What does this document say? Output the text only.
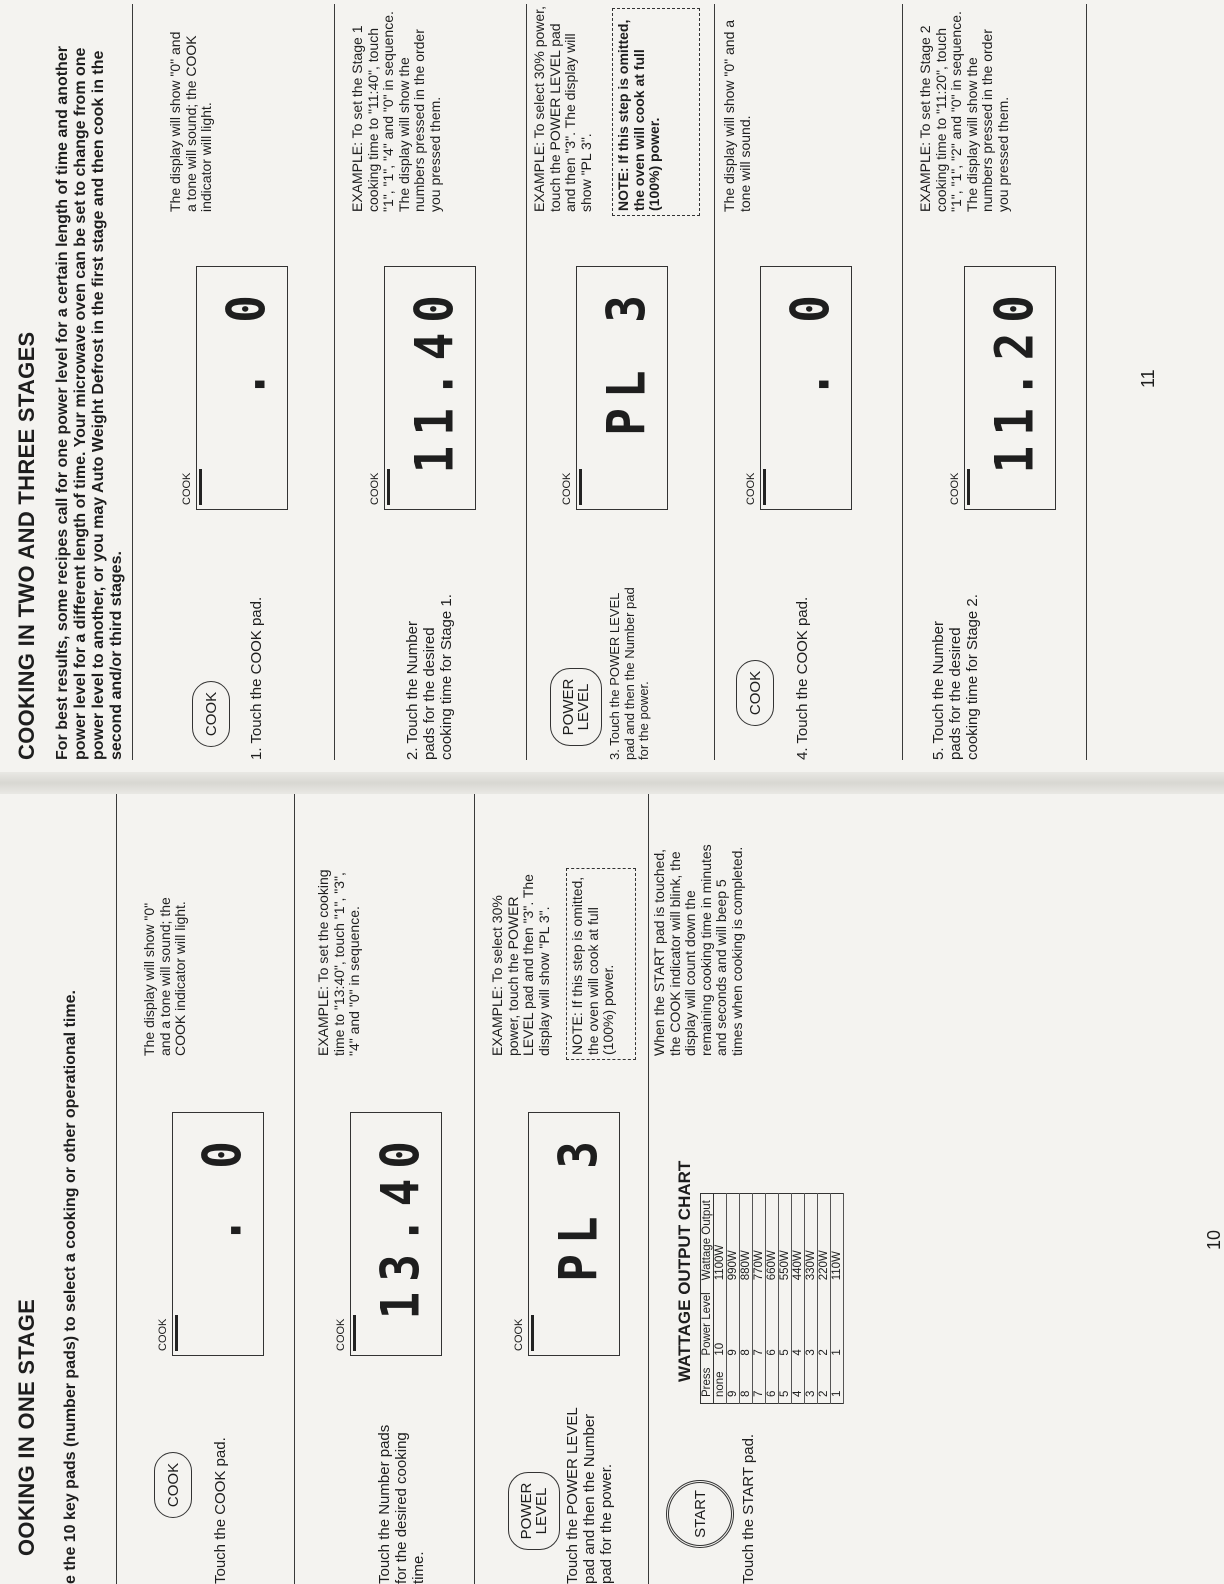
OOKING IN ONE STAGE e the 10 key pads (number pads) to select a cooking or other operational time.	COOK	Touch the COOK pad.
COOK
. 0
The display will show "0" and a tone will sound; the COOK indicator will light.
Touch the Number pads for the desired cooking time.
COOK
13.40
EXAMPLE: To set the cooking time to "13:40", touch "1", "3", "4" and "0" in sequence.
POWER LEVEL Touch the POWER LEVEL pad and then the Number pad for the power.
COOK
PL 3
EXAMPLE: To select 30% power, touch the POWER LEVEL pad and then "3". The display will show "PL 3". NOTE: If this step is omitted, the oven will cook at full (100%) power.
START	Touch the START pad.
When the START pad is touched, the COOK indicator will blink, the display will count down the remaining cooking time in minutes and seconds and will beep 5 times when cooking is completed.
WATTAGE OUTPUT CHART
Press	Power Level	Wattage Output
none	10	1100W
9	9	990W
8	8	880W
7	7	770W
6	6	660W
5	5	550W
4	4	440W
3	3	330W
2	2	220W
1	1	110W
10
COOKING IN TWO AND THREE STAGES For best results, some recipes call for one power level for a certain length of time and another power level for a different length of time. Your microwave oven can be set to change from one power level to another, or you may Auto Weight Defrost in the first stage and then cook in the second and/or third stages.	COOK	1. Touch the COOK pad.
COOK
. 0
The display will show "0" and a tone will sound; the COOK indicator will light.
2. Touch the Number pads for the desired cooking time for Stage 1.
COOK
11.40
EXAMPLE: To set the Stage 1 cooking time to "11:40", touch "1", "1", "4" and "0" in sequence. The display will show the numbers pressed in the order you pressed them.
POWER LEVEL	3. Touch the POWER LEVEL pad and then the Number pad for the power.
COOK
PL 3
EXAMPLE: To select 30% power, touch the POWER LEVEL pad and then "3". The display will show "PL 3". NOTE: If this step is omitted, the oven will cook at full (100%) power.
COOK	4. Touch the COOK pad.
COOK
. 0
The display will show "0" and a tone will sound.
5. Touch the Number pads for the desired cooking time for Stage 2.
COOK
11.20
EXAMPLE: To set the Stage 2 cooking time to "11:20", touch "1", "1", "2" and "0" in sequence. The display will show the numbers pressed in the order you pressed them.
11
